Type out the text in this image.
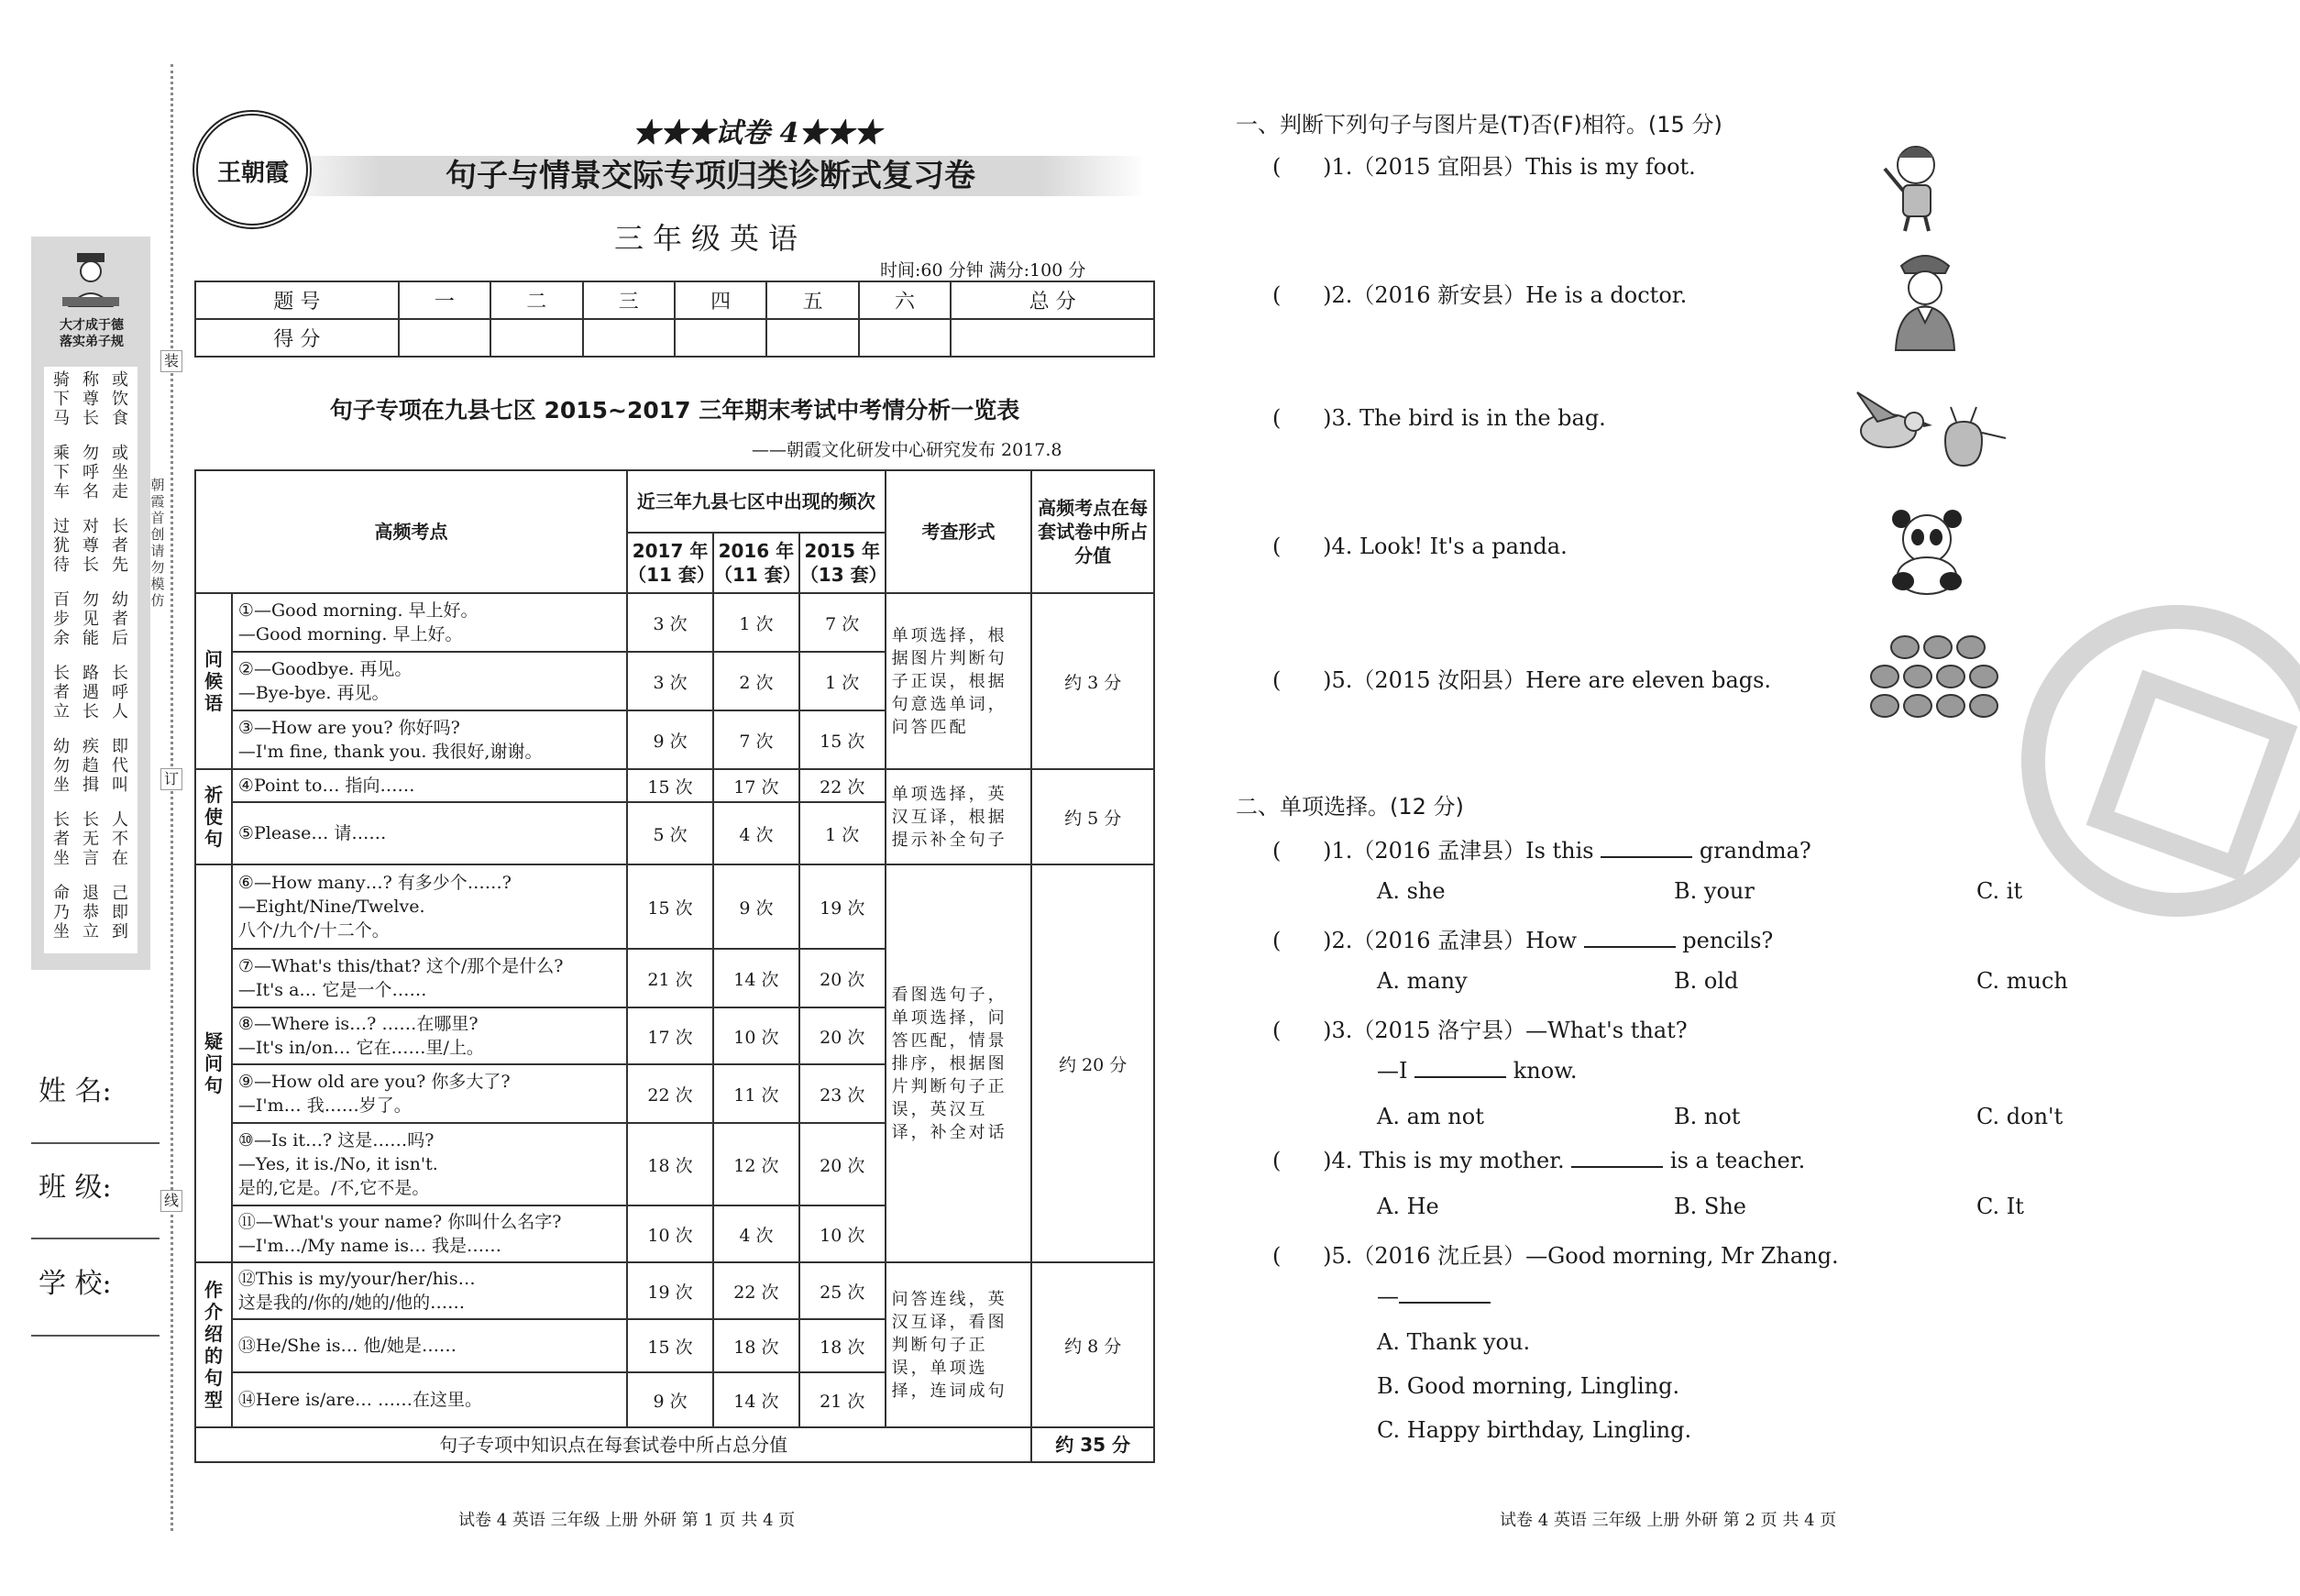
装
订
线
朝霞首创 请勿模仿
大才成于德
落实弟子规
骑下马
称尊长
或饮食
乘下车
勿呼名
或坐走
过犹待
对尊长
长者先
百步余
勿见能
幼者后
长者立
路遇长
长呼人
幼勿坐
疾趋揖
即代叫
长者坐
长无言
人不在
命乃坐
退恭立
己即到
姓 名:
班 级:
学 校:
王朝霞
★★★试卷 4★★★
句子与情景交际专项归类诊断式复习卷
三年级英语
时间:60 分钟 满分:100 分
题 号	一	二	三	四	五	六	总 分
得 分							
句子专项在九县七区 2015~2017 三年期末考试中考情分析一览表
——朝霞文化研发中心研究发布 2017.8
高频考点		近三年九县七区中出现的频次			考查形式	高频考点在每套试卷中所占分值
		2017 年（11 套）	2016 年（11 套）	2015 年（13 套）		
问候语	①—Good morning. 早上好。
—Good morning. 早上好。	3 次	1 次	7 次	单项选择，根据图片判断句子正误，根据句意选单词，问答匹配	约 3 分
	②—Goodbye. 再见。
—Bye-bye. 再见。	3 次	2 次	1 次		
	③—How are you? 你好吗?
—I'm fine, thank you. 我很好,谢谢。	9 次	7 次	15 次		
祈使句	④Point to… 指向……	15 次	17 次	22 次	单项选择，英汉互译，根据提示补全句子	约 5 分
	⑤Please… 请……	5 次	4 次	1 次		
疑问句	⑥—How many…? 有多少个……?
—Eight/Nine/Twelve.
八个/九个/十二个。	15 次	9 次	19 次	看图选句子，单项选择，问答匹配，情景排序，根据图片判断句子正误，英汉互译，补全对话	约 20 分
	⑦—What's this/that? 这个/那个是什么?
—It's a… 它是一个……	21 次	14 次	20 次		
	⑧—Where is…? ……在哪里?
—It's in/on… 它在……里/上。	17 次	10 次	20 次		
	⑨—How old are you? 你多大了?
—I'm… 我……岁了。	22 次	11 次	23 次		
	⑩—Is it…? 这是……吗?
—Yes, it is./No, it isn't.
是的,它是。/不,它不是。	18 次	12 次	20 次		
	⑪—What's your name? 你叫什么名字?
—I'm…/My name is… 我是……	10 次	4 次	10 次		
作介绍的句型	⑫This is my/your/her/his…
这是我的/你的/她的/他的……	19 次	22 次	25 次	问答连线，英汉互译，看图判断句子正误，单项选择，连词成句	约 8 分
	⑬He/She is… 他/她是……	15 次	18 次	18 次		
	⑭Here is/are… ……在这里。	9 次	14 次	21 次		
句子专项中知识点在每套试卷中所占总分值						约 35 分
试卷 4 英语 三年级 上册 外研 第 1 页 共 4 页	试卷 4 英语 三年级 上册 外研 第 2 页 共 4 页
一、判断下列句子与图片是(T)否(F)相符。(15 分)
(      )1.（2015 宜阳县）This is my foot.
(      )2.（2016 新安县）He is a doctor.
(      )3. The bird is in the bag.
(      )4. Look! It's a panda.
(      )5.（2015 汝阳县）Here are eleven bags.
二、单项选择。(12 分)
(      )1.（2016 孟津县）Is this	grandma?
A. she	B. your	C. it
(      )2.（2016 孟津县）How	pencils?
A. many	B. old	C. much
(      )3.（2015 洛宁县）—What's that?
—I	know.
A. am not	B. not	C. don't
(      )4. This is my mother.	is a teacher.
A. He	B. She	C. It
(      )5.（2016 沈丘县）—Good morning, Mr Zhang.
—
A. Thank you.
B. Good morning, Lingling.
C. Happy birthday, Lingling.
